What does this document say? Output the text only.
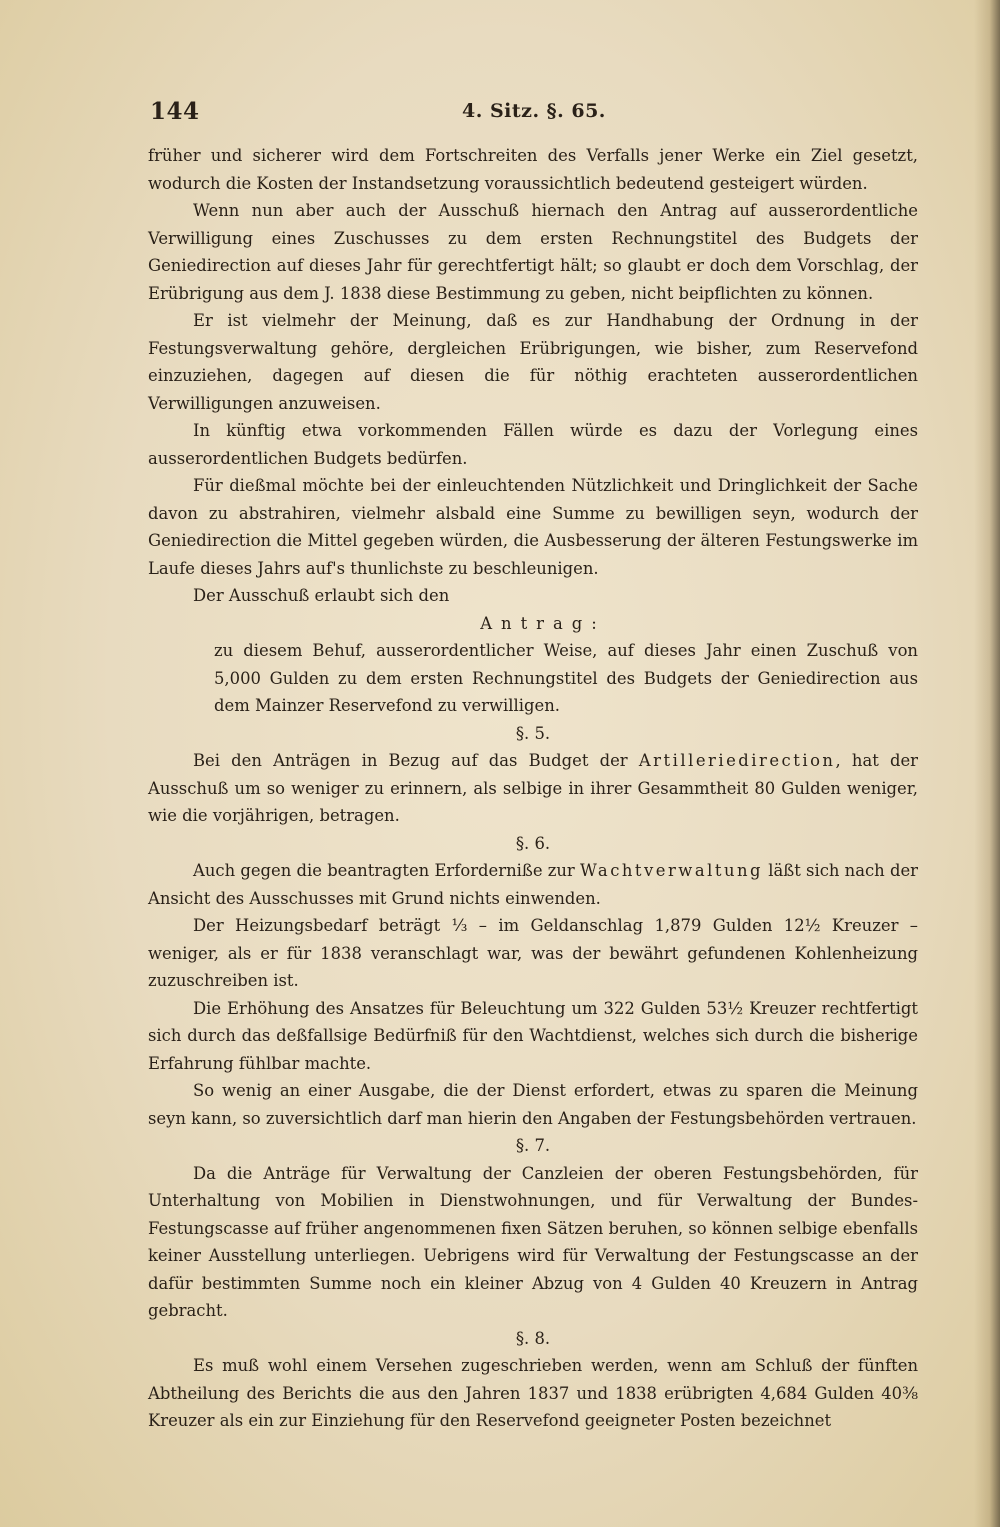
144	4. Sitz. §. 65.

früher und sicherer wird dem Fortschreiten des Verfalls jener Werke ein Ziel gesetzt, wodurch die Kosten der Instandsetzung voraussichtlich bedeutend gesteigert würden.

Wenn nun aber auch der Ausschuß hiernach den Antrag auf ausserordentliche Verwilligung eines Zuschusses zu dem ersten Rechnungstitel des Budgets der Geniedirection auf dieses Jahr für gerechtfertigt hält; so glaubt er doch dem Vorschlag, der Erübrigung aus dem J. 1838 diese Bestimmung zu geben, nicht beipflichten zu können.

Er ist vielmehr der Meinung, daß es zur Handhabung der Ordnung in der Festungsverwaltung gehöre, dergleichen Erübrigungen, wie bisher, zum Reservefond einzuziehen, dagegen auf diesen die für nöthig erachteten ausserordentlichen Verwilligungen anzuweisen.

In künftig etwa vorkommenden Fällen würde es dazu der Vorlegung eines ausserordentlichen Budgets bedürfen.

Für dießmal möchte bei der einleuchtenden Nützlichkeit und Dringlichkeit der Sache davon zu abstrahiren, vielmehr alsbald eine Summe zu bewilligen seyn, wodurch der Geniedirection die Mittel gegeben würden, die Ausbesserung der älteren Festungswerke im Laufe dieses Jahrs auf's thunlichste zu beschleunigen.

Der Ausschuß erlaubt sich den

Antrag:

zu diesem Behuf, ausserordentlicher Weise, auf dieses Jahr einen Zuschuß von 5,000 Gulden zu dem ersten Rechnungstitel des Budgets der Geniedirection aus dem Mainzer Reservefond zu verwilligen.

§. 5.

Bei den Anträgen in Bezug auf das Budget der Artilleriedirection, hat der Ausschuß um so weniger zu erinnern, als selbige in ihrer Gesammtheit 80 Gulden weniger, wie die vorjährigen, betragen.

§. 6.

Auch gegen die beantragten Erforderniße zur Wachtverwaltung läßt sich nach der Ansicht des Ausschusses mit Grund nichts einwenden.

Der Heizungsbedarf beträgt ⅓ – im Geldanschlag 1,879 Gulden 12½ Kreuzer – weniger, als er für 1838 veranschlagt war, was der bewährt gefundenen Kohlenheizung zuzuschreiben ist.

Die Erhöhung des Ansatzes für Beleuchtung um 322 Gulden 53½ Kreuzer rechtfertigt sich durch das deßfallsige Bedürfniß für den Wachtdienst, welches sich durch die bisherige Erfahrung fühlbar machte.

So wenig an einer Ausgabe, die der Dienst erfordert, etwas zu sparen die Meinung seyn kann, so zuversichtlich darf man hierin den Angaben der Festungsbehörden vertrauen.

§. 7.

Da die Anträge für Verwaltung der Canzleien der oberen Festungsbehörden, für Unterhaltung von Mobilien in Dienstwohnungen, und für Verwaltung der Bundes-Festungscasse auf früher angenommenen fixen Sätzen beruhen, so können selbige ebenfalls keiner Ausstellung unterliegen. Uebrigens wird für Verwaltung der Festungscasse an der dafür bestimmten Summe noch ein kleiner Abzug von 4 Gulden 40 Kreuzern in Antrag gebracht.

§. 8.

Es muß wohl einem Versehen zugeschrieben werden, wenn am Schluß der fünften Abtheilung des Berichts die aus den Jahren 1837 und 1838 erübrigten 4,684 Gulden 40⅜ Kreuzer als ein zur Einziehung für den Reservefond geeigneter Posten bezeichnet
